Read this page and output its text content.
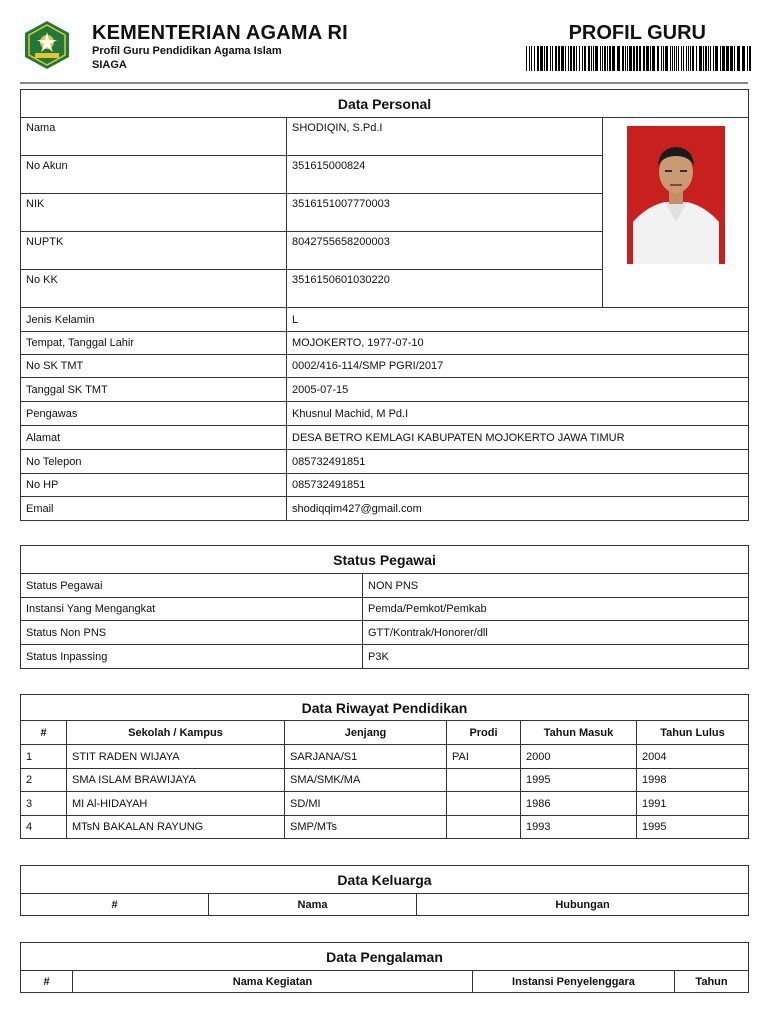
KEMENTERIAN AGAMA RI
Profil Guru Pendidikan Agama Islam
SIAGA
PROFIL GURU
Data Personal		
Nama	SHODIQIN, S.Pd.I	
No Akun	351615000824	
NIK	3516151007770003	
NUPTK	8042755658200003	
No KK	3516150601030220	
Jenis Kelamin	L	
Tempat, Tanggal Lahir	MOJOKERTO, 1977-07-10	
No SK TMT	0002/416-114/SMP PGRI/2017	
Tanggal SK TMT	2005-07-15	
Pengawas	Khusnul Machid, M Pd.I	
Alamat	DESA BETRO KEMLAGI KABUPATEN MOJOKERTO JAWA TIMUR	
No Telepon	085732491851	
No HP	085732491851	
Email	shodiqqim427@gmail.com	
Status Pegawai	
Status Pegawai	NON PNS
Instansi Yang Mengangkat	Pemda/Pemkot/Pemkab
Status Non PNS	GTT/Kontrak/Honorer/dll
Status Inpassing	P3K
Data Riwayat Pendidikan					
#	Sekolah / Kampus	Jenjang	Prodi	Tahun Masuk	Tahun Lulus
1	STIT RADEN WIJAYA	SARJANA/S1	PAI	2000	2004
2	SMA ISLAM BRAWIJAYA	SMA/SMK/MA		1995	1998
3	MI Al-HIDAYAH	SD/MI		1986	1991
4	MTsN BAKALAN RAYUNG	SMP/MTs		1993	1995
Data Keluarga
#	Nama	Hubungan
Data Pengalaman
#	Nama Kegiatan	Instansi Penyelenggara	Tahun
